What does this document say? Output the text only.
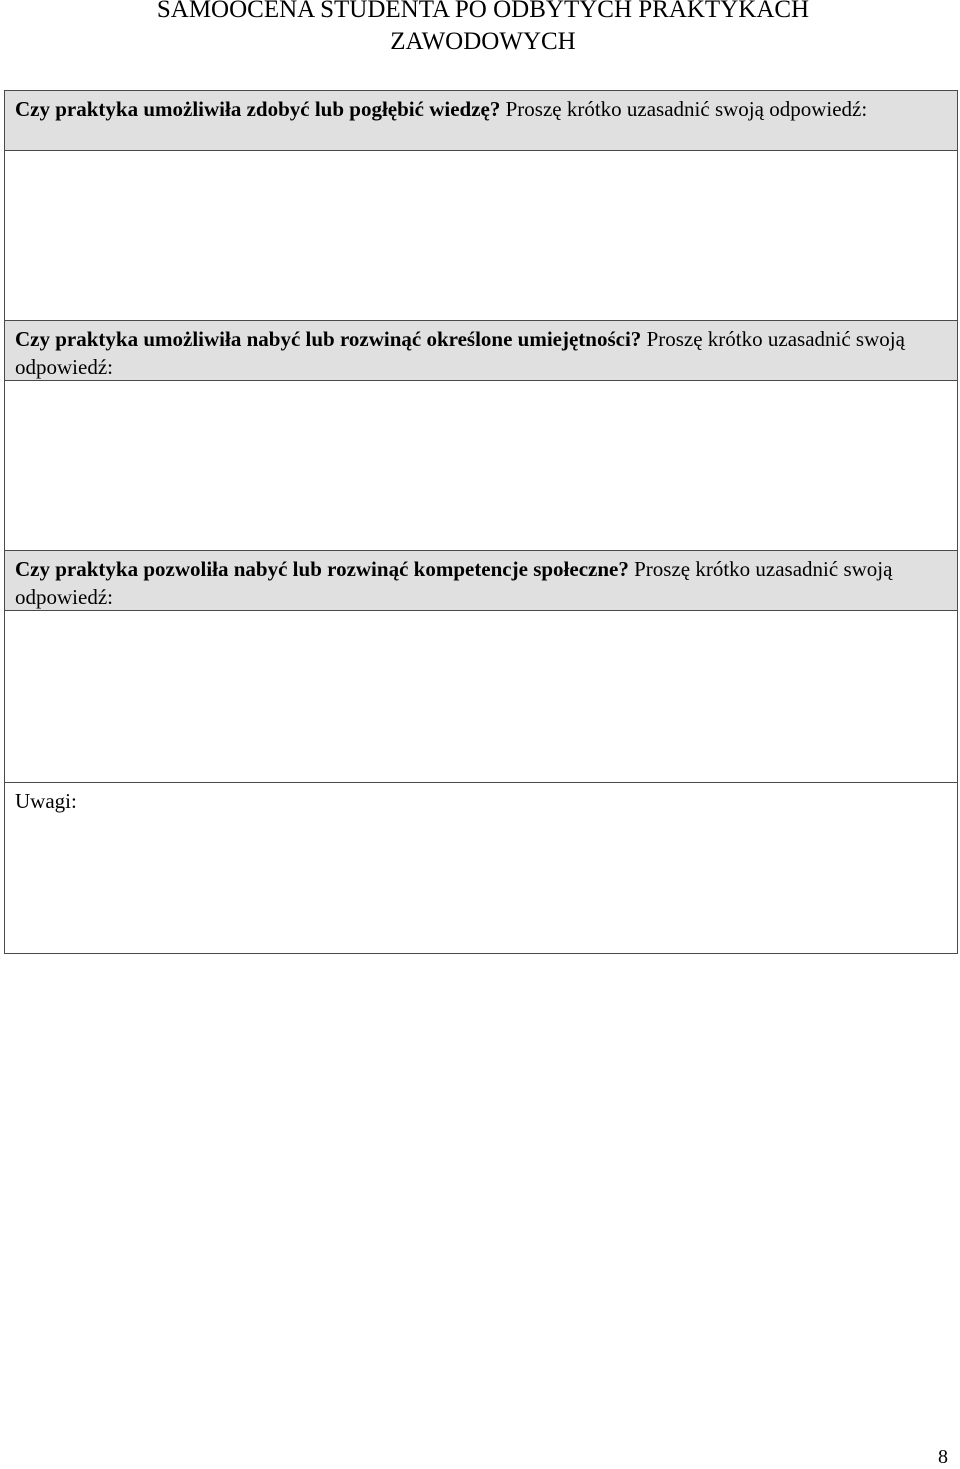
SAMOOCENA STUDENTA PO ODBYTYCH PRAKTYKACH
ZAWODOWYCH
Czy praktyka umożliwiła zdobyć lub pogłębić wiedzę? Proszę krótko uzasadnić swoją odpowiedź:
Czy praktyka umożliwiła nabyć lub rozwinąć określone umiejętności? Proszę krótko uzasadnić swoją odpowiedź:
Czy praktyka pozwoliła nabyć lub rozwinąć kompetencje społeczne? Proszę krótko uzasadnić swoją odpowiedź:
Uwagi:
8
